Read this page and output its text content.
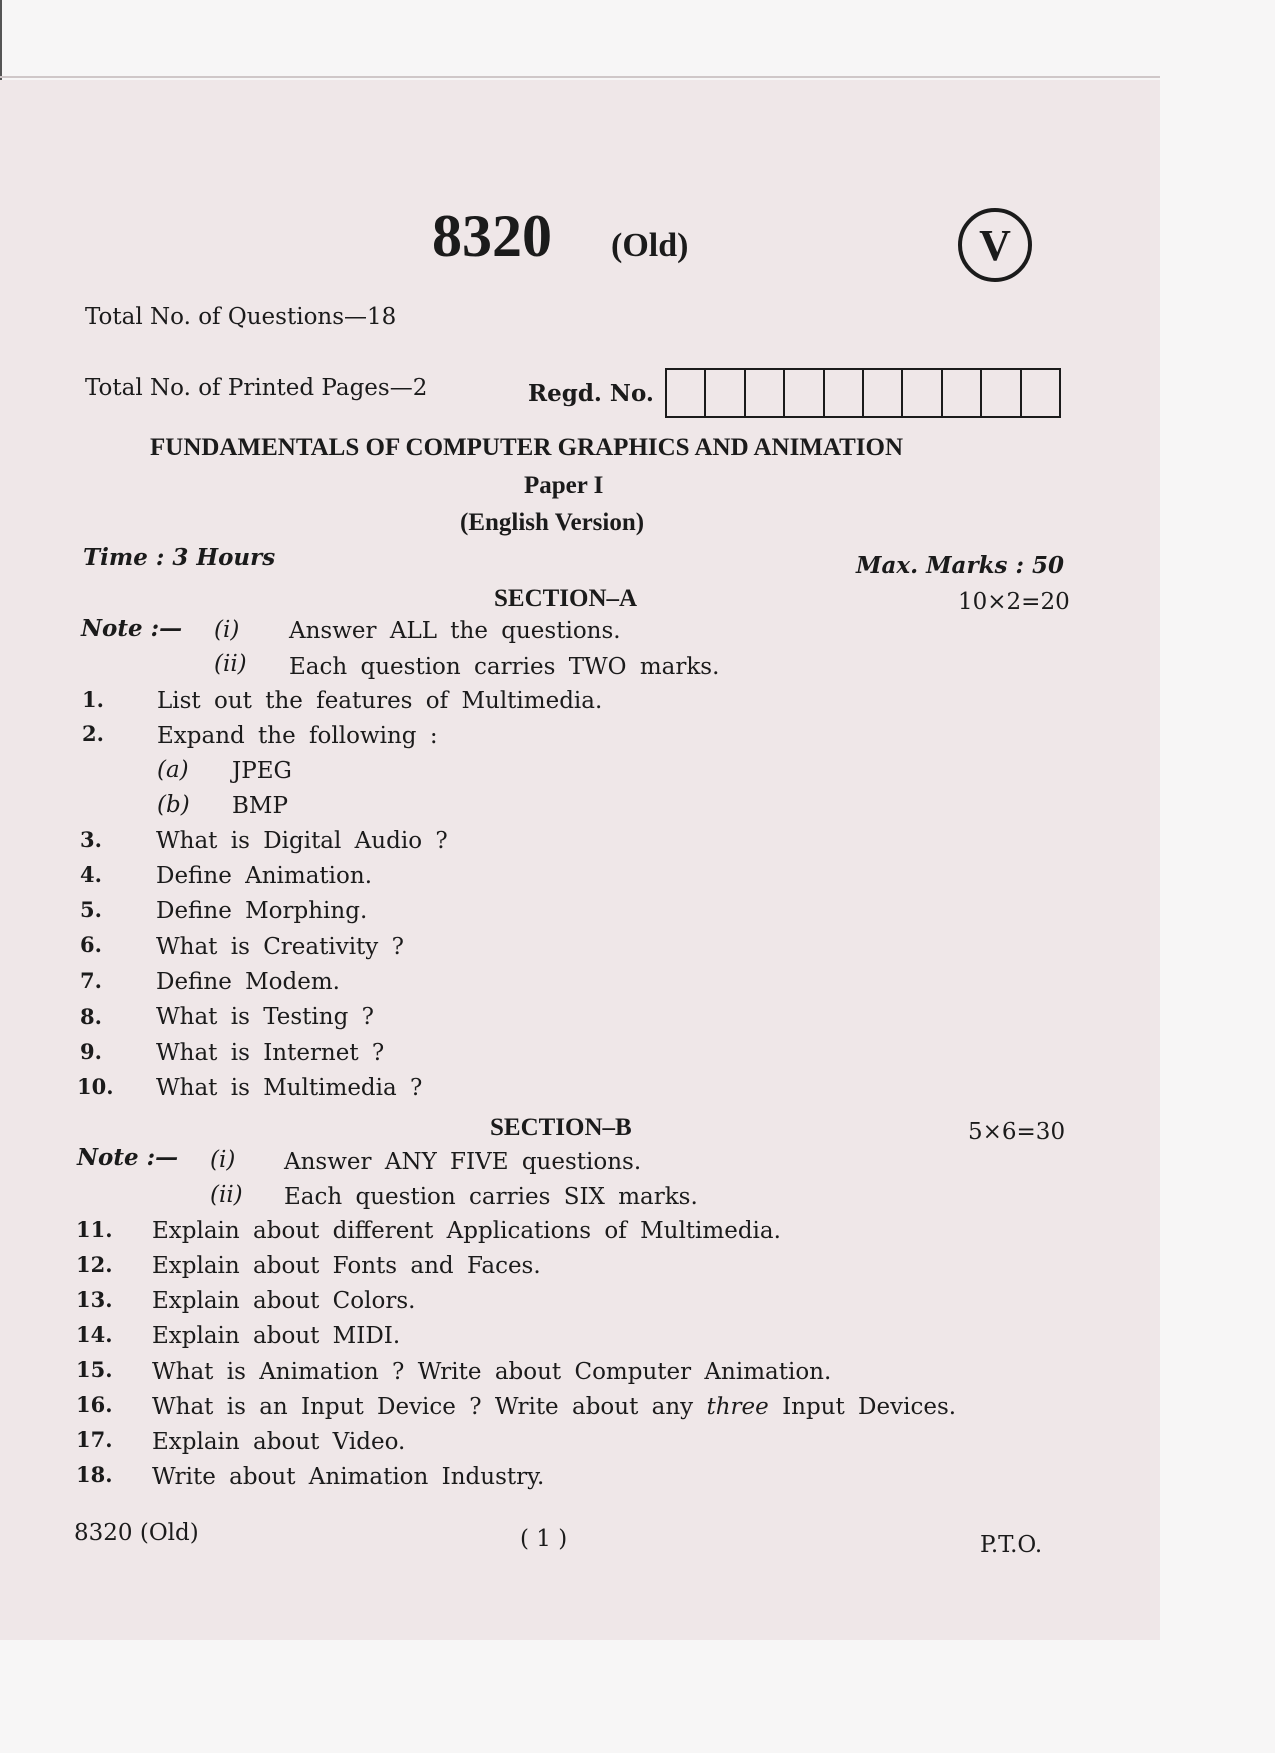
8320 (Old)	V
Total No. of Questions—18
Total No. of Printed Pages—2	Regd. No.
FUNDAMENTALS OF COMPUTER GRAPHICS AND ANIMATION
Paper I
(English Version)
Time : 3 Hours	Max. Marks : 50
SECTION–A	10×2=20
Note :— (i) Answer ALL the questions.
(ii) Each question carries TWO marks.
1.	List out the features of Multimedia.
2.	Expand the following :
(a) JPEG
(b) BMP
3.	What is Digital Audio ?
4.	Define Animation.
5.	Define Morphing.
6.	What is Creativity ?
7.	Define Modem.
8.	What is Testing ?
9.	What is Internet ?
10. What is Multimedia ?
SECTION–B	5×6=30
Note :— (i) Answer ANY FIVE questions.
(ii) Each question carries SIX marks.
11. Explain about different Applications of Multimedia.
12. Explain about Fonts and Faces.
13. Explain about Colors.
14. Explain about MIDI.
15. What is Animation ? Write about Computer Animation.
16. What is an Input Device ? Write about any three Input Devices.
17. Explain about Video.
18. Write about Animation Industry.
8320 (Old)	( 1 )	P.T.O.
